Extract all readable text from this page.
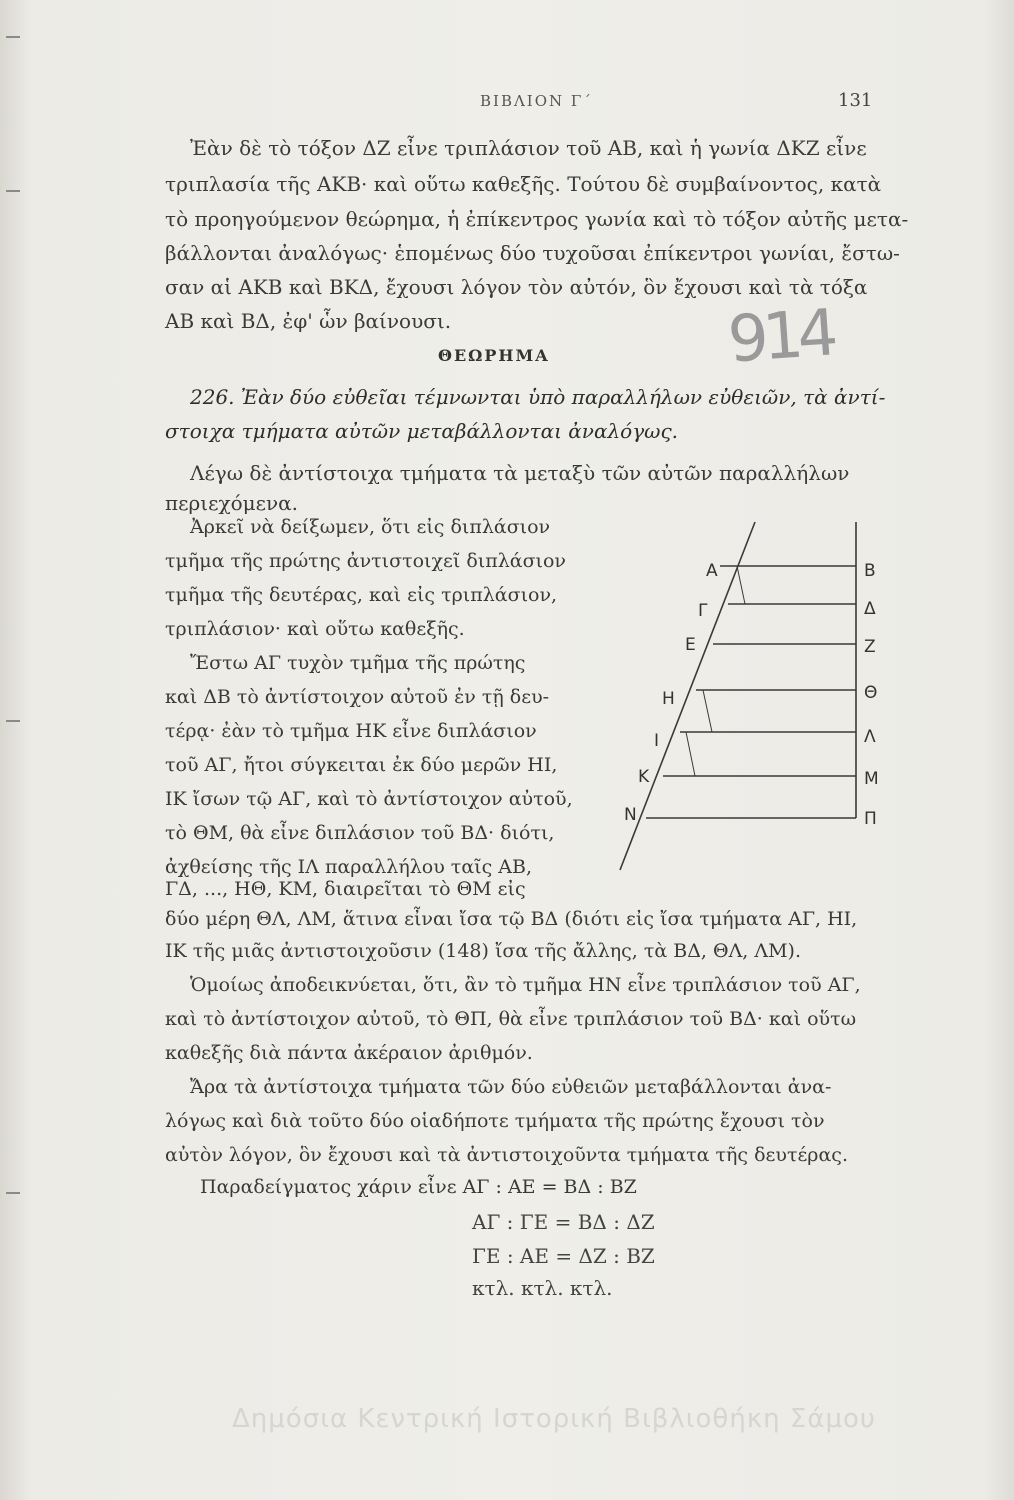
ΒΙΒΛΙΟΝ Γ΄	131
Ἐὰν δὲ τὸ τόξον ΔΖ εἶνε τριπλάσιον τοῦ ΑΒ, καὶ ἡ γωνία ΔΚΖ εἶνε
τριπλασία τῆς ΑΚΒ· καὶ οὕτω καθεξῆς. Τούτου δὲ συμβαίνοντος, κατὰ
τὸ προηγούμενον θεώρημα, ἡ ἐπίκεντρος γωνία καὶ τὸ τόξον αὐτῆς μετα-
βάλλονται ἀναλόγως· ἑπομένως δύο τυχοῦσαι ἐπίκεντροι γωνίαι, ἔστω-
σαν αἱ ΑΚΒ καὶ ΒΚΔ, ἔχουσι λόγον τὸν αὐτόν, ὃν ἔχουσι καὶ τὰ τόξα
ΑΒ καὶ ΒΔ, ἐφ' ὧν βαίνουσι.	914
ΘΕΩΡΗΜΑ
226. Ἐὰν δύο εὐθεῖαι τέμνωνται ὑπὸ παραλλήλων εὐθειῶν, τὰ ἀντί-
στοιχα τμήματα αὐτῶν μεταβάλλονται ἀναλόγως.
Λέγω δὲ ἀντίστοιχα τμήματα τὰ μεταξὺ τῶν αὐτῶν παραλλήλων
περιεχόμενα.
Ἀρκεῖ νὰ δείξωμεν, ὅτι εἰς διπλάσιον
τμῆμα τῆς πρώτης ἀντιστοιχεῖ διπλάσιον
τμῆμα τῆς δευτέρας, καὶ εἰς τριπλάσιον,
τριπλάσιον· καὶ οὕτω καθεξῆς.
Ἔστω ΑΓ τυχὸν τμῆμα τῆς πρώτης
καὶ ΔΒ τὸ ἀντίστοιχον αὐτοῦ ἐν τῇ δευ-
τέρᾳ· ἐὰν τὸ τμῆμα ΗΚ εἶνε διπλάσιον
τοῦ ΑΓ, ἤτοι σύγκειται ἐκ δύο μερῶν ΗΙ,
ΙΚ ἴσων τῷ ΑΓ, καὶ τὸ ἀντίστοιχον αὐτοῦ,
τὸ ΘΜ, θὰ εἶνε διπλάσιον τοῦ ΒΔ· διότι,
ἀχθείσης τῆς ΙΛ παραλλήλου ταῖς ΑΒ,
ΓΔ, ..., ΗΘ, ΚΜ, διαιρεῖται τὸ ΘΜ εἰς
δύο μέρη ΘΛ, ΛΜ, ἅτινα εἶναι ἴσα τῷ ΒΔ (διότι εἰς ἴσα τμήματα ΑΓ, ΗΙ,
ΙΚ τῆς μιᾶς ἀντιστοιχοῦσιν (148) ἴσα τῆς ἄλλης, τὰ ΒΔ, ΘΛ, ΛΜ).
Ὁμοίως ἀποδεικνύεται, ὅτι, ἂν τὸ τμῆμα ΗΝ εἶνε τριπλάσιον τοῦ ΑΓ,
καὶ τὸ ἀντίστοιχον αὐτοῦ, τὸ ΘΠ, θὰ εἶνε τριπλάσιον τοῦ ΒΔ· καὶ οὕτω
καθεξῆς διὰ πάντα ἀκέραιον ἀριθμόν.
Ἄρα τὰ ἀντίστοιχα τμήματα τῶν δύο εὐθειῶν μεταβάλλονται ἀνα-
λόγως καὶ διὰ τοῦτο δύο οἱαδήποτε τμήματα τῆς πρώτης ἔχουσι τὸν
αὐτὸν λόγον, ὃν ἔχουσι καὶ τὰ ἀντιστοιχοῦντα τμήματα τῆς δευτέρας.
Παραδείγματος χάριν εἶνε ΑΓ : ΑΕ = ΒΔ : ΒΖ
ΑΓ : ΓΕ = ΒΔ : ΔΖ
ΓΕ : ΑΕ = ΔΖ : ΒΖ
κτλ. κτλ. κτλ.
Α
Γ
Ε
Η
Ι
Κ
Ν
Β
Δ
Ζ
Θ
Λ
Μ
Π
Δημόσια Κεντρική Ιστορική Βιβλιοθήκη Σάμου
